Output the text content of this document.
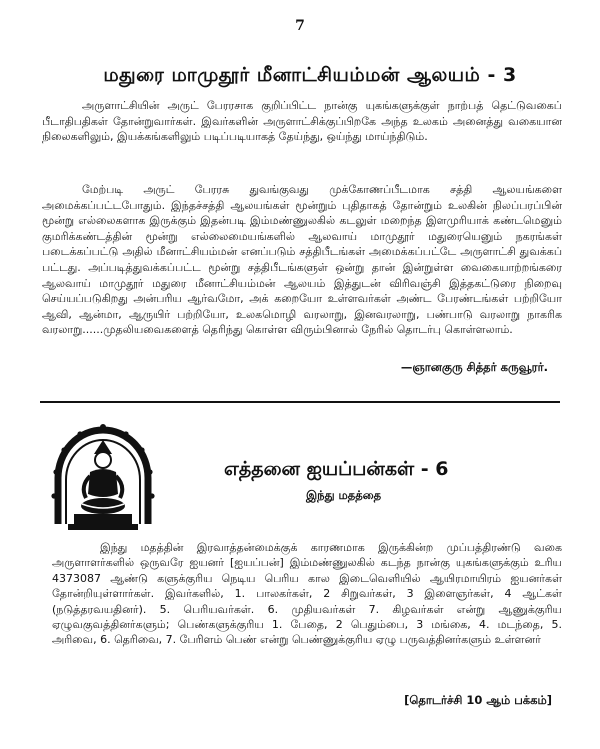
7
மதுரை மாமுதூர் மீனாட்சியம்மன் ஆலயம் - 3

அருளாட்சியின் அருட் பேரரசாக குறிப்பிட்ட நான்கு யுகங்களுக்குள் நாற்பத் தெட்டுவகைப் பீடாதிபதிகள் தோன்றுவார்கள். இவர்களின் அருளாட்சிக்குப்பிறகே அந்த உலகம் அனைத்து வகையான நிலைகளிலும், இயக்கங்களிலும் படிப்படியாகத் தேய்ந்து, ஒய்ந்து மாய்ந்திடும்.

மேற்படி அருட் பேரரசு துவங்குவது முக்கோணப்பீடமாக சத்தி ஆலயங்களை அமைக்கப்பட்டபோதும். இந்தச்சத்தி ஆலயங்கள் மூன்றும் புதிதாகத் தோன்றும் உலகின் நிலப்பரப்பின் மூன்று எல்லைகளாக இருக்கும் இதன்படி இம்மண்ணுலகில் கடலுள் மறைந்த இளமுரியாக் கண்டமெனும் குமரிக்கண்டத்தின் மூன்று எல்லைமையங்களில் ஆலவாய் மாமுதூர் மதுரையெனும் நகரங்கள் படைக்கப்பட்டு அதில் மீனாட்சியம்மன் எனப்படும் சத்திபீடங்கள் அமைக்கப்பட்டே அருளாட்சி துவக்கப் பட்டது. அப்படித்துவக்கப்பட்ட மூன்று சத்திபீடங்களுள் ஒன்று தான் இன்றுள்ள வைகையாற்றங்கரை ஆலவாய் மாமுதூர் மதுரை மீனாட்சியம்மன் ஆலயம் இத்துடன் விரிவஞ்சி இத்தகட்டுரை நிறைவு செய்யப்படுகிறது அன்பரிய ஆர்வமோ, அக் கறையோ உள்ளவர்கள் அண்ட பேரண்டங்கள் பற்றியோ ஆவி, ஆன்மா, ஆருயிர் பற்றியோ, உலகமொழி வரலாறு, இனவரலாறு, பண்பாடு வரலாறு நாகரிக வரலாறு......முதலியவைகளைத் தெரிந்து கொள்ள விரும்பினால் நேரில் தொடர்பு கொள்ளலாம்.

—ஞானகுரு சித்தர் கருவூரர்.
எத்தனை ஐயப்பன்கள் - 6
இந்து மதத்தை

இந்து மதத்தின் இரவாத்தன்மைக்குக் காரணமாக இருக்கின்ற முப்பத்திரண்டு வகை அருளாளர்களில் ஒருவரே ஐயனர் [ஐயப்பன்] இம்மண்ணுலகில் கடந்த நான்கு யுகங்களுக்கும் உரிய 4373087 ஆண்டு களுக்குரிய நெடிய பெரிய கால இடைவெளியில் ஆயிரமாயிரம் ஐயனர்கள் தோன்றியுள்ளார்கள். இவர்களில், 1. பாலகர்கள், 2 சிறுவர்கள், 3 இளைஞர்கள், 4 ஆட்கள் (நடுத்தரவயதினர்). 5. பெரியவர்கள். 6. முதியவர்கள் 7. கிழவர்கள் என்று ஆணுக்குரிய ஏழுவகுவத்தினர்களும்; பெண்களுக்குரிய 1. பேதை, 2 பெதும்பை, 3 மங்கை, 4. மடந்தை, 5. அரிவை, 6. தெரிவை, 7. பேரிளம் பெண் என்று பெண்ணுக்குரிய ஏழு பருவத்தினர்களும் உள்ளனர்

[தொடர்ச்சி 10 ஆம் பக்கம்]
